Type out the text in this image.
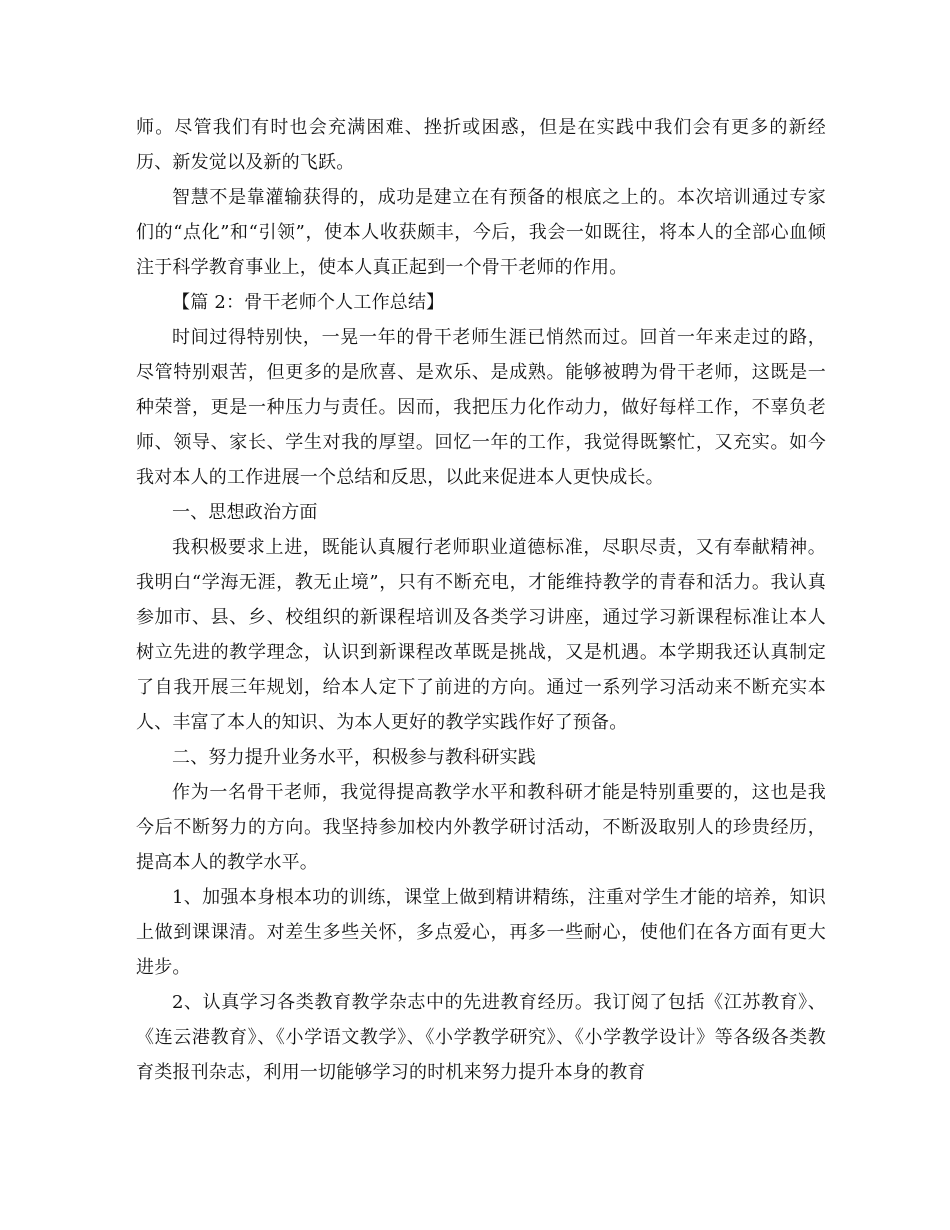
师。尽管我们有时也会充满困难、挫折或困惑，但是在实践中我们会有更多的新经历、新发觉以及新的飞跃。

智慧不是靠灌输获得的，成功是建立在有预备的根底之上的。本次培训通过专家们的“点化”和“引领”，使本人收获颇丰，今后，我会一如既往，将本人的全部心血倾注于科学教育事业上，使本人真正起到一个骨干老师的作用。

【篇 2：骨干老师个人工作总结】

时间过得特别快，一晃一年的骨干老师生涯已悄然而过。回首一年来走过的路，尽管特别艰苦，但更多的是欣喜、是欢乐、是成熟。能够被聘为骨干老师，这既是一种荣誉，更是一种压力与责任。因而，我把压力化作动力，做好每样工作，不辜负老师、领导、家长、学生对我的厚望。回忆一年的工作，我觉得既繁忙，又充实。如今我对本人的工作进展一个总结和反思，以此来促进本人更快成长。

一、思想政治方面

我积极要求上进，既能认真履行老师职业道德标准，尽职尽责，又有奉献精神。我明白“学海无涯，教无止境”，只有不断充电，才能维持教学的青春和活力。我认真参加市、县、乡、校组织的新课程培训及各类学习讲座，通过学习新课程标准让本人树立先进的教学理念，认识到新课程改革既是挑战，又是机遇。本学期我还认真制定了自我开展三年规划，给本人定下了前进的方向。通过一系列学习活动来不断充实本人、丰富了本人的知识、为本人更好的教学实践作好了预备。

二、努力提升业务水平，积极参与教科研实践

作为一名骨干老师，我觉得提高教学水平和教科研才能是特别重要的，这也是我今后不断努力的方向。我坚持参加校内外教学研讨活动，不断汲取别人的珍贵经历，提高本人的教学水平。

1、加强本身根本功的训练，课堂上做到精讲精练，注重对学生才能的培养，知识上做到课课清。对差生多些关怀，多点爱心，再多一些耐心，使他们在各方面有更大进步。

2、认真学习各类教育教学杂志中的先进教育经历。我订阅了包括《江苏教育》、《连云港教育》、《小学语文教学》、《小学教学研究》、《小学教学设计》等各级各类教育类报刊杂志，利用一切能够学习的时机来努力提升本身的教育
